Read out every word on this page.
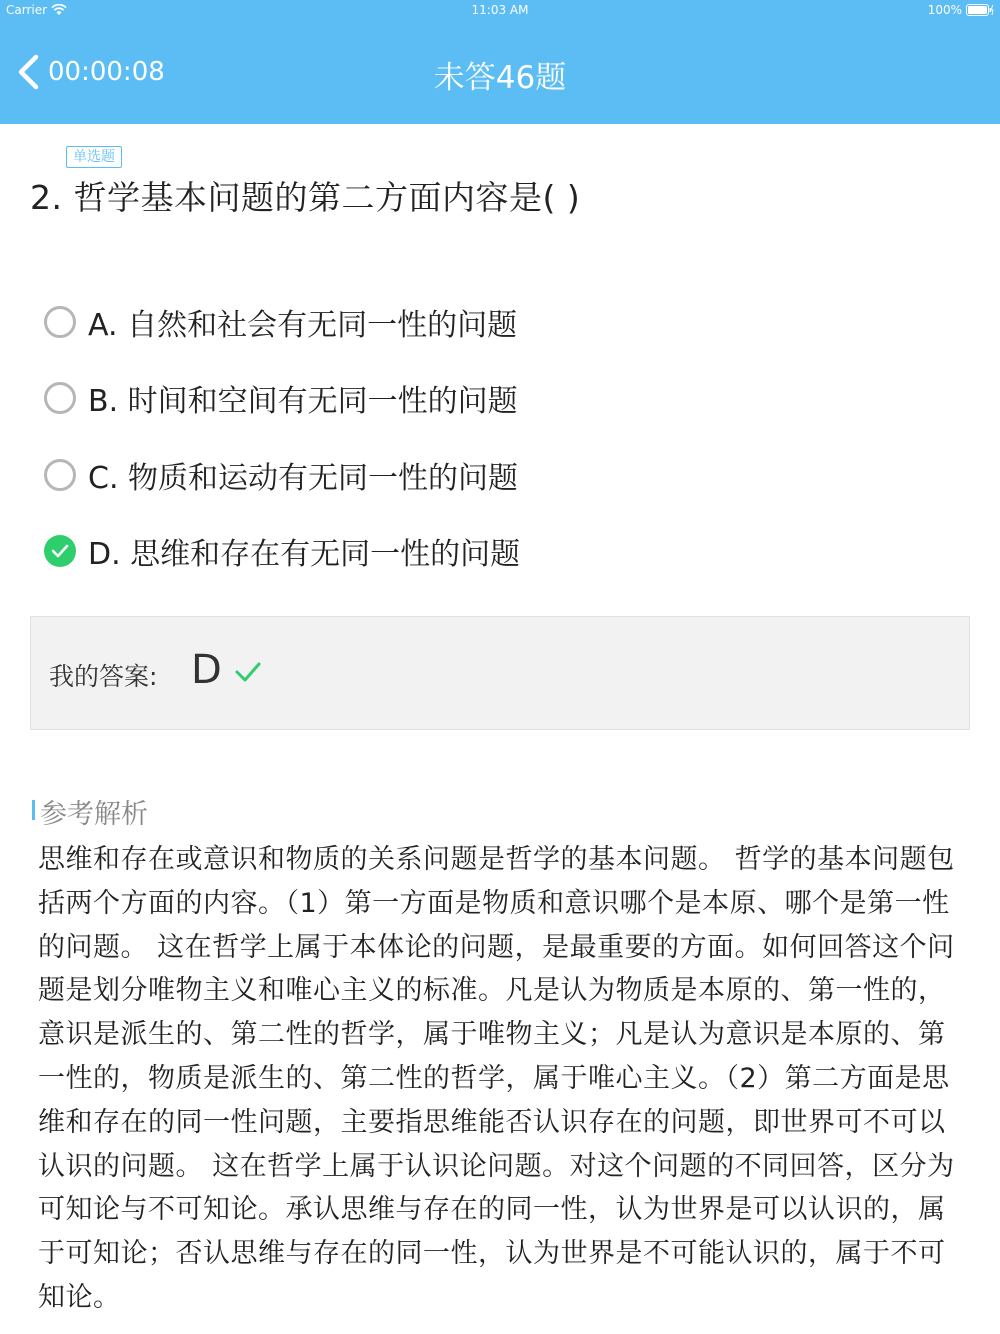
Carrier	11:03 AM	100%
00:00:08	未答46题
单选题
2. 哲学基本问题的第二方面内容是( )
A. 自然和社会有无同一性的问题
B. 时间和空间有无同一性的问题
C. 物质和运动有无同一性的问题
D. 思维和存在有无同一性的问题
我的答案: D
参考解析
思维和存在或意识和物质的关系问题是哲学的基本问题。 哲学的基本问题包括两个方面的内容。（1）第一方面是物质和意识哪个是本原、哪个是第一性的问题。 这在哲学上属于本体论的问题，是最重要的方面。如何回答这个问题是划分唯物主义和唯心主义的标准。凡是认为物质是本原的、第一性的，意识是派生的、第二性的哲学，属于唯物主义；凡是认为意识是本原的、第一性的，物质是派生的、第二性的哲学，属于唯心主义。（2）第二方面是思维和存在的同一性问题，主要指思维能否认识存在的问题，即世界可不可以认识的问题。 这在哲学上属于认识论问题。对这个问题的不同回答，区分为可知论与不可知论。承认思维与存在的同一性，认为世界是可以认识的，属于可知论；否认思维与存在的同一性，认为世界是不可能认识的，属于不可知论。
